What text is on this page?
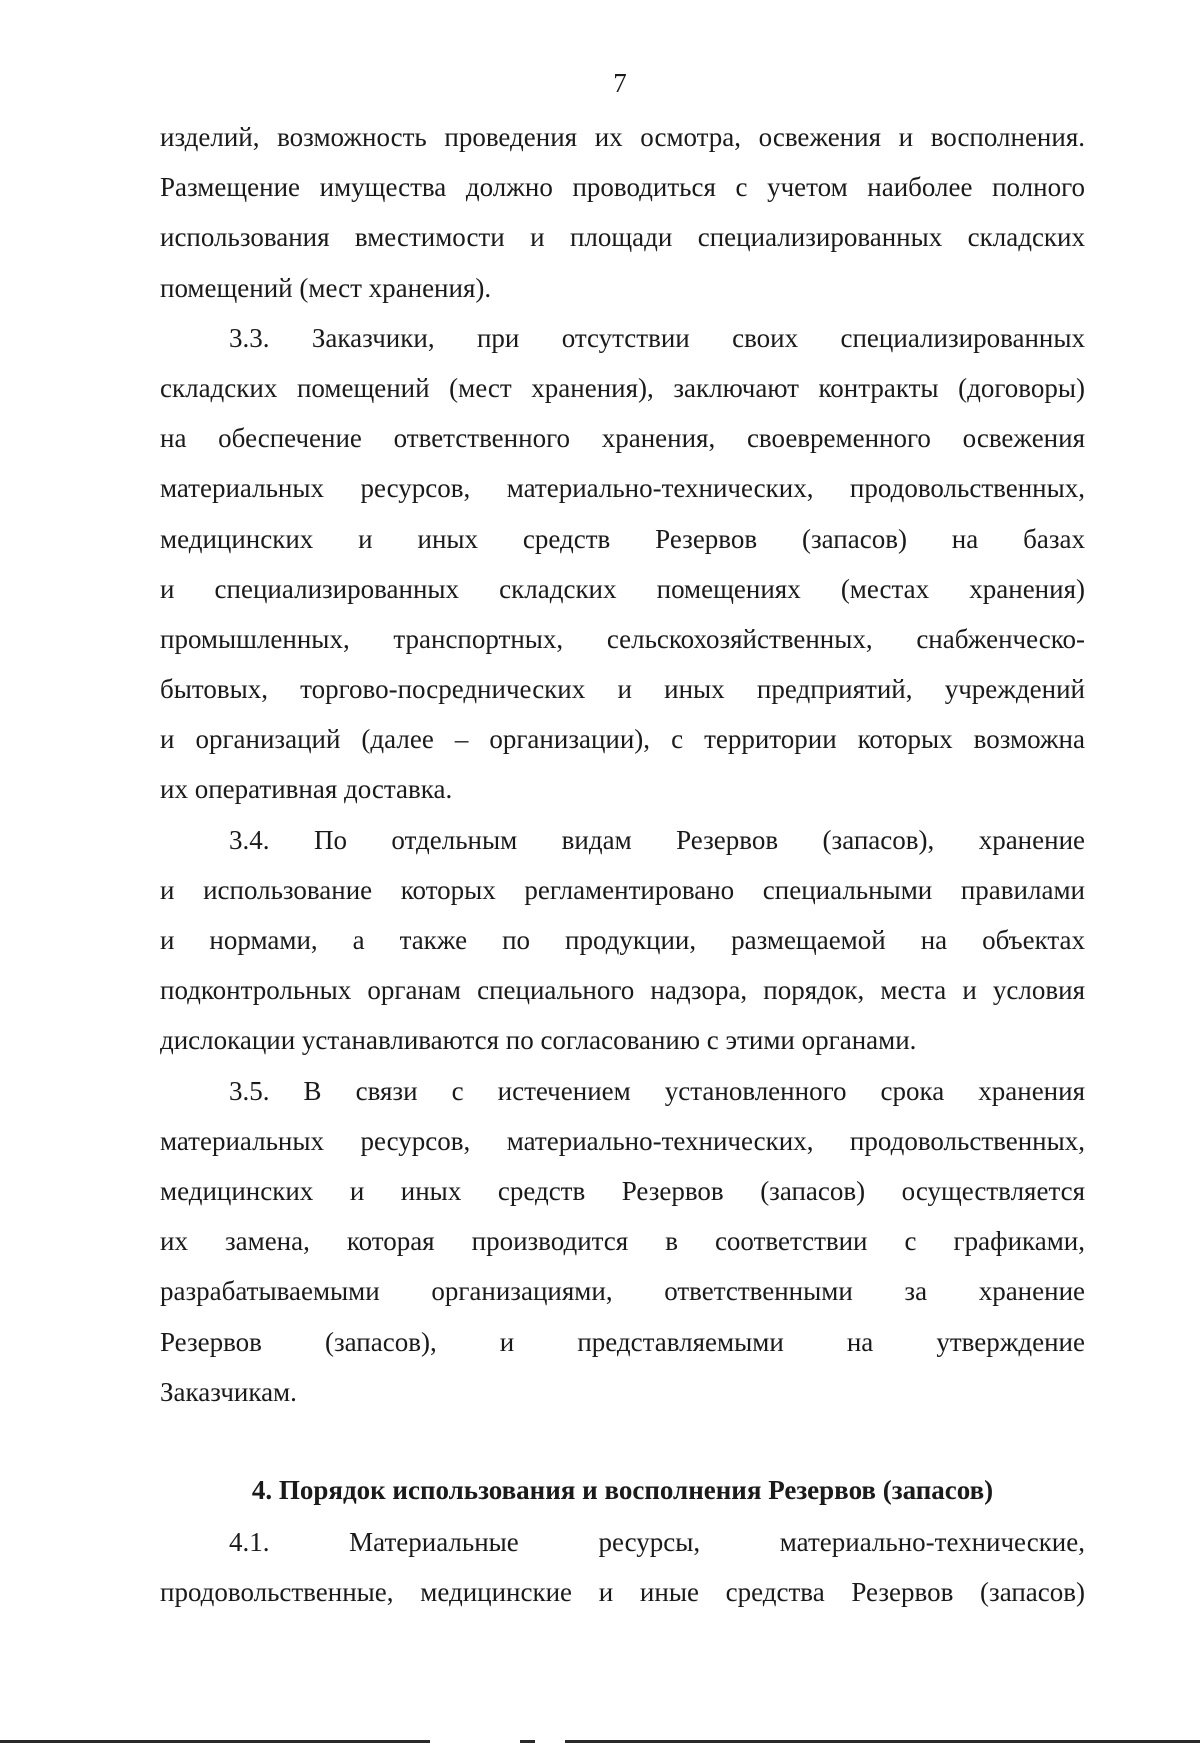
7
изделий, возможность проведения их осмотра, освежения и восполнения.
Размещение имущества должно проводиться с учетом наиболее полного
использования вместимости и площади специализированных складских
помещений (мест хранения).
3.3. Заказчики, при отсутствии своих специализированных
складских помещений (мест хранения), заключают контракты (договоры)
на обеспечение ответственного хранения, своевременного освежения
материальных ресурсов, материально-технических, продовольственных,
медицинских и иных средств Резервов (запасов) на базах
и специализированных складских помещениях (местах хранения)
промышленных, транспортных, сельскохозяйственных, снабженческо-
бытовых, торгово-посреднических и иных предприятий, учреждений
и организаций (далее – организации), с территории которых возможна
их оперативная доставка.
3.4. По отдельным видам Резервов (запасов), хранение
и использование которых регламентировано специальными правилами
и нормами, а также по продукции, размещаемой на объектах
подконтрольных органам специального надзора, порядок, места и условия
дислокации устанавливаются по согласованию с этими органами.
3.5. В связи с истечением установленного срока хранения
материальных ресурсов, материально-технических, продовольственных,
медицинских и иных средств Резервов (запасов) осуществляется
их замена, которая производится в соответствии с графиками,
разрабатываемыми организациями, ответственными за хранение
Резервов (запасов), и представляемыми на утверждение
Заказчикам.
4. Порядок использования и восполнения Резервов (запасов)
4.1. Материальные ресурсы, материально-технические,
продовольственные, медицинские и иные средства Резервов (запасов)
